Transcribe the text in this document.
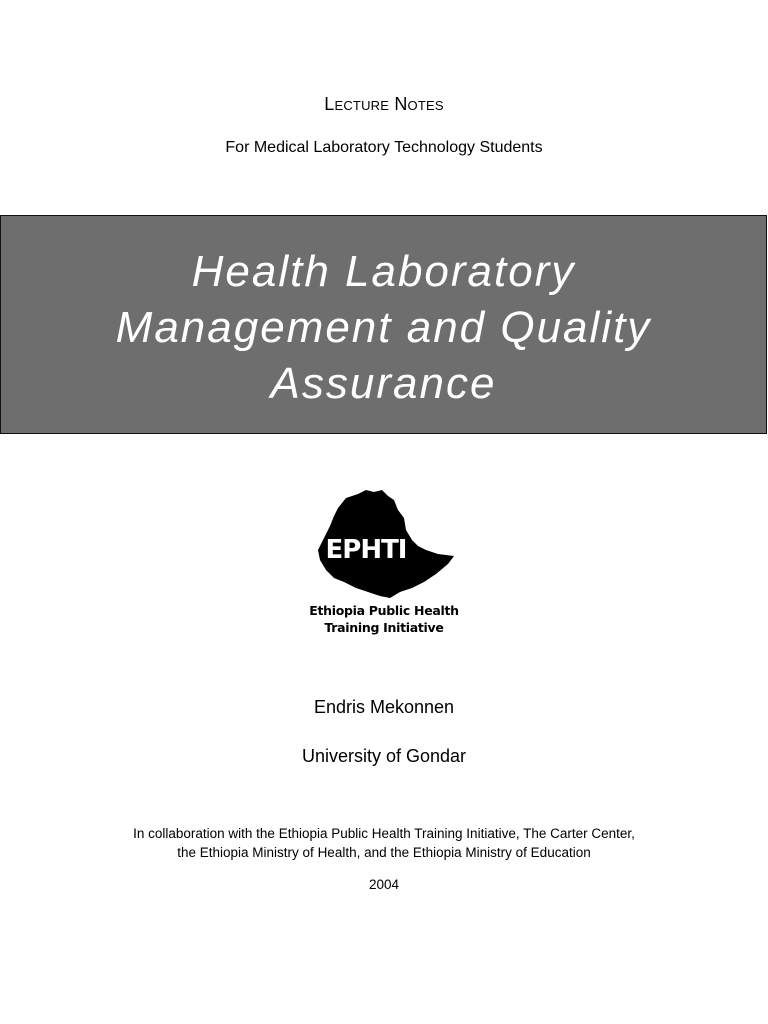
Lecture Notes
For Medical Laboratory Technology Students
Health Laboratory
Management and Quality
Assurance
EPHTI
Ethiopia Public Health
Training Initiative
Endris Mekonnen
University of Gondar
In collaboration with the Ethiopia Public Health Training Initiative, The Carter Center,
the Ethiopia Ministry of Health, and the Ethiopia Ministry of Education
2004
